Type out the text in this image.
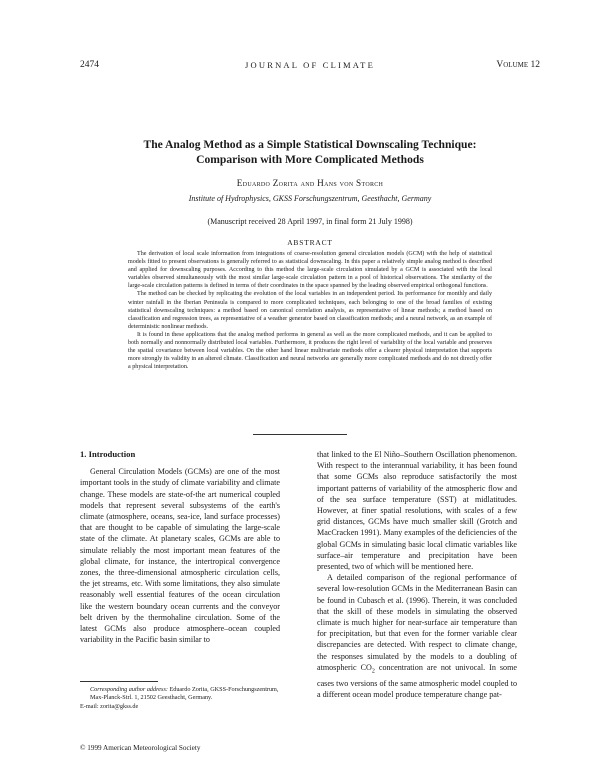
2474	JOURNAL OF CLIMATE	Volume 12
The Analog Method as a Simple Statistical Downscaling Technique:
Comparison with More Complicated Methods
Eduardo Zorita and Hans von Storch
Institute of Hydrophysics, GKSS Forschungszentrum, Geesthacht, Germany
(Manuscript received 28 April 1997, in final form 21 July 1998)
ABSTRACT

The derivation of local scale information from integrations of coarse-resolution general circulation models (GCM) with the help of statistical models fitted to present observations is generally referred to as statistical downscaling. In this paper a relatively simple analog method is described and applied for downscaling purposes. According to this method the large-scale circulation simulated by a GCM is associated with the local variables observed simultaneously with the most similar large-scale circulation pattern in a pool of historical observations. The similarity of the large-scale circulation patterns is defined in terms of their coordinates in the space spanned by the leading observed empirical orthogonal functions.

The method can be checked by replicating the evolution of the local variables in an independent period. Its performance for monthly and daily winter rainfall in the Iberian Peninsula is compared to more complicated techniques, each belonging to one of the broad families of existing statistical downscaling techniques: a method based on canonical correlation analysis, as representative of linear methods; a method based on classification and regression trees, as representative of a weather generator based on classification methods; and a neural network, as an example of deterministic nonlinear methods.

It is found in these applications that the analog method performs in general as well as the more complicated methods, and it can be applied to both normally and nonnormally distributed local variables. Furthermore, it produces the right level of variability of the local variable and preserves the spatial covariance between local variables. On the other hand linear multivariate methods offer a clearer physical interpretation that supports more strongly its validity in an altered climate. Classification and neural networks are generally more complicated methods and do not directly offer a physical interpretation.

1. Introduction

General Circulation Models (GCMs) are one of the most important tools in the study of climate variability and climate change. These models are state-of-the art numerical coupled models that represent several subsystems of the earth's climate (atmosphere, oceans, sea-ice, land surface processes) that are thought to be capable of simulating the large-scale state of the climate. At planetary scales, GCMs are able to simulate reliably the most important mean features of the global climate, for instance, the intertropical convergence zones, the three-dimensional atmospheric circulation cells, the jet streams, etc. With some limitations, they also simulate reasonably well essential features of the ocean circulation like the western boundary ocean currents and the conveyor belt driven by the thermohaline circulation. Some of the latest GCMs also produce atmosphere–ocean coupled variability in the Pacific basin similar to

that linked to the El Niño–Southern Oscillation phenomenon. With respect to the interannual variability, it has been found that some GCMs also reproduce satisfactorily the most important patterns of variability of the atmospheric flow and of the sea surface temperature (SST) at midlatitudes. However, at finer spatial resolutions, with scales of a few grid distances, GCMs have much smaller skill (Grotch and MacCracken 1991). Many examples of the deficiencies of the global GCMs in simulating basic local climatic variables like surface–air temperature and precipitation have been presented, two of which will be mentioned here.

A detailed comparison of the regional performance of several low-resolution GCMs in the Mediterranean Basin can be found in Cubasch et al. (1996). Therein, it was concluded that the skill of these models in simulating the observed climate is much higher for near-surface air temperature than for precipitation, but that even for the former variable clear discrepancies are detected. With respect to climate change, the responses simulated by the models to a doubling of atmospheric $CO_2$ concentration are not univocal. In some cases two versions of the same atmospheric model coupled to a different ocean model produce temperature change pat-

Corresponding author address: Eduardo Zorita, GKSS-Forschungszentrum, Max-Planck-Strl. 1, 21502 Geesthacht, Germany.
E-mail: zorita@gkss.de
© 1999 American Meteorological Society
